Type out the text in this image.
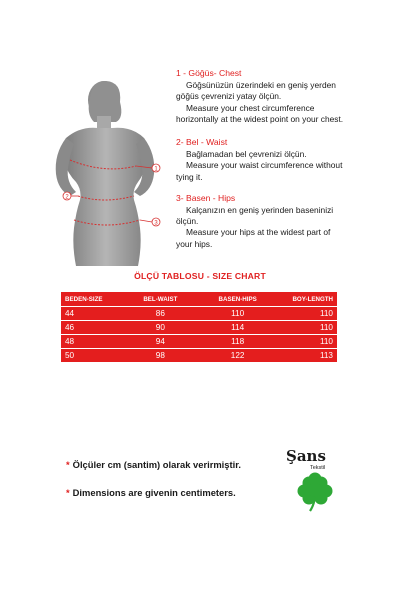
1
2
3
1 - Göğüs- Chest
Göğsünüzün üzerindeki en geniş yerden
göğüs çevrenizi yatay ölçün.
Measure your chest circumference
horizontally at the widest point on your chest.
2- Bel - Waist
Bağlamadan bel çevrenizi ölçün.
Measure your waist circumference without
tying it.
3- Basen - Hips
Kalçanızın en geniş yerinden baseninizi
ölçün.
Measure your hips at the widest part of
your hips.
ÖLÇÜ TABLOSU - SIZE CHART
BEDEN-SIZE	BEL-WAIST	BASEN-HIPS	BOY-LENGTH
44	86	110	110
46	90	114	110
48	94	118	110
50	98	122	113
* Ölçüler cm (santim) olarak verirmiştir.
* Dimensions are givenin centimeters.
Şans
Tekstil
